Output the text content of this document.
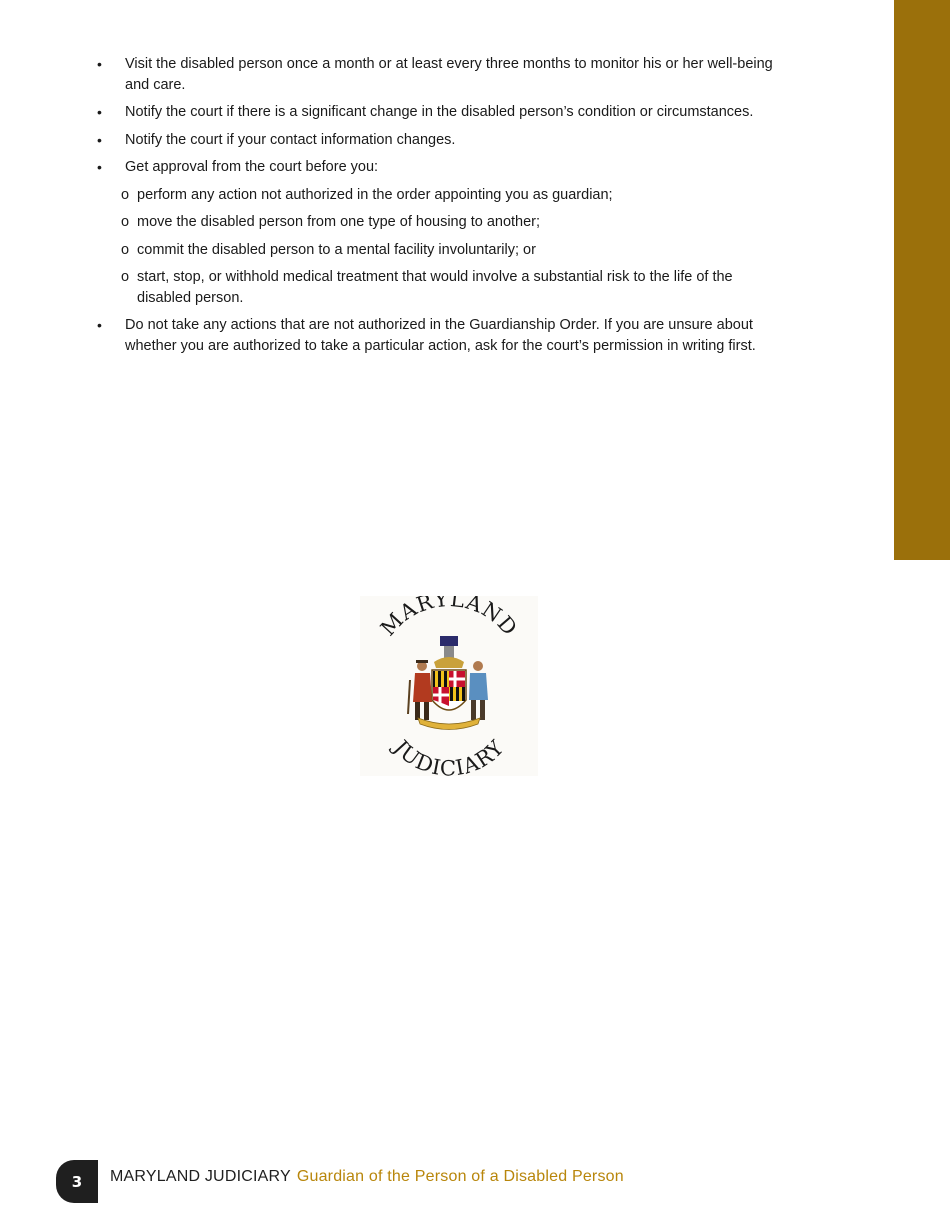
• Visit the disabled person once a month or at least every three months to monitor his or her well-being and care.
• Notify the court if there is a significant change in the disabled person’s condition or circumstances.
• Notify the court if your contact information changes.
• Get approval from the court before you:
o perform any action not authorized in the order appointing you as guardian;
o move the disabled person from one type of housing to another;
o commit the disabled person to a mental facility involuntarily; or
o start, stop, or withhold medical treatment that would involve a substantial risk to the life of the disabled person.
• Do not take any actions that are not authorized in the Guardianship Order. If you are unsure about whether you are authorized to take a particular action, ask for the court’s permission in writing first.
MARYLAND
JUDICIARY
3	MARYLAND JUDICIARY Guardian of the Person of a Disabled Person
